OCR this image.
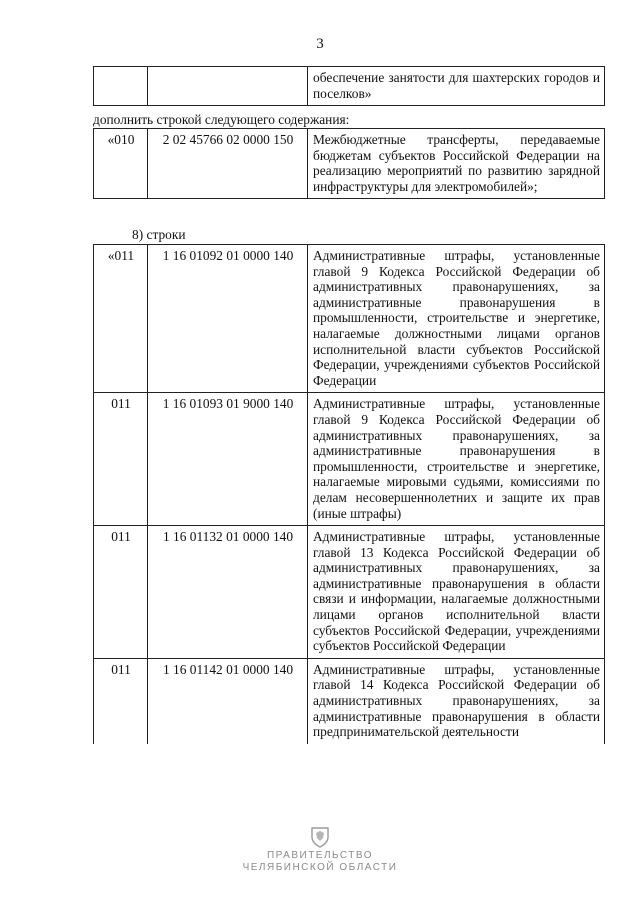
3
		обеспечение занятости для шахтерских городов и поселков»
дополнить строкой следующего содержания:
«010	2 02 45766 02 0000 150	Межбюджетные трансферты, передаваемые бюджетам субъектов Российской Федерации на реализацию мероприятий по развитию зарядной инфраструктуры для электромобилей»;
8) строки
«011	1 16 01092 01 0000 140	Административные штрафы, установленные главой 9 Кодекса Российской Федерации об административных правонарушениях, за административные правонарушения в промышленности, строительстве и энергетике, налагаемые должностными лицами органов исполнительной власти субъектов Российской Федерации, учреждениями субъектов Российской Федерации
011	1 16 01093 01 9000 140	Административные штрафы, установленные главой 9 Кодекса Российской Федерации об административных правонарушениях, за административные правонарушения в промышленности, строительстве и энергетике, налагаемые мировыми судьями, комиссиями по делам несовершеннолетних и защите их прав (иные штрафы)
011	1 16 01132 01 0000 140	Административные штрафы, установленные главой 13 Кодекса Российской Федерации об административных правонарушениях, за административные правонарушения в области связи и информации, налагаемые должностными лицами органов исполнительной власти субъектов Российской Федерации, учреждениями субъектов Российской Федерации
011	1 16 01142 01 0000 140	Административные штрафы, установленные главой 14 Кодекса Российской Федерации об административных правонарушениях, за административные правонарушения в области предпринимательской деятельности
ПРАВИТЕЛЬСТВО
ЧЕЛЯБИНСКОЙ ОБЛАСТИ
